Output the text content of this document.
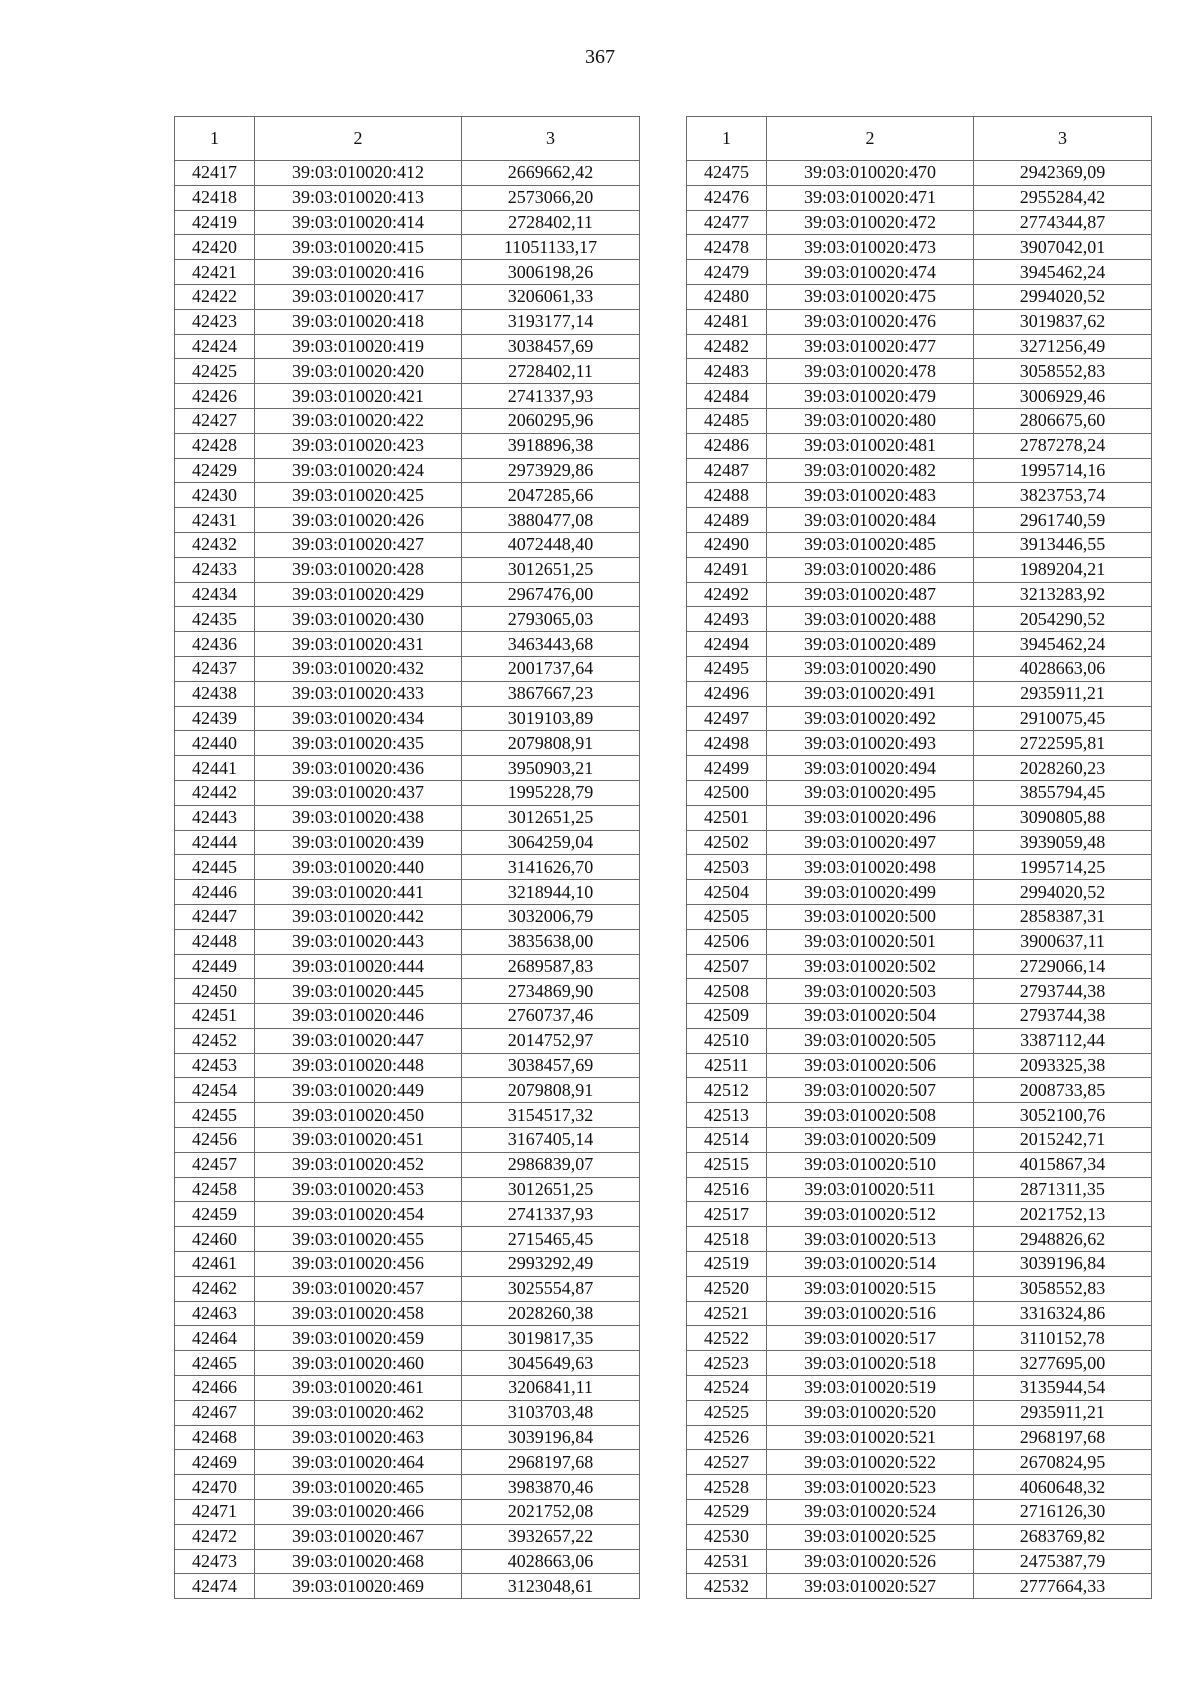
367
1	2	3
42417	39:03:010020:412	2669662,42
42418	39:03:010020:413	2573066,20
42419	39:03:010020:414	2728402,11
42420	39:03:010020:415	11051133,17
42421	39:03:010020:416	3006198,26
42422	39:03:010020:417	3206061,33
42423	39:03:010020:418	3193177,14
42424	39:03:010020:419	3038457,69
42425	39:03:010020:420	2728402,11
42426	39:03:010020:421	2741337,93
42427	39:03:010020:422	2060295,96
42428	39:03:010020:423	3918896,38
42429	39:03:010020:424	2973929,86
42430	39:03:010020:425	2047285,66
42431	39:03:010020:426	3880477,08
42432	39:03:010020:427	4072448,40
42433	39:03:010020:428	3012651,25
42434	39:03:010020:429	2967476,00
42435	39:03:010020:430	2793065,03
42436	39:03:010020:431	3463443,68
42437	39:03:010020:432	2001737,64
42438	39:03:010020:433	3867667,23
42439	39:03:010020:434	3019103,89
42440	39:03:010020:435	2079808,91
42441	39:03:010020:436	3950903,21
42442	39:03:010020:437	1995228,79
42443	39:03:010020:438	3012651,25
42444	39:03:010020:439	3064259,04
42445	39:03:010020:440	3141626,70
42446	39:03:010020:441	3218944,10
42447	39:03:010020:442	3032006,79
42448	39:03:010020:443	3835638,00
42449	39:03:010020:444	2689587,83
42450	39:03:010020:445	2734869,90
42451	39:03:010020:446	2760737,46
42452	39:03:010020:447	2014752,97
42453	39:03:010020:448	3038457,69
42454	39:03:010020:449	2079808,91
42455	39:03:010020:450	3154517,32
42456	39:03:010020:451	3167405,14
42457	39:03:010020:452	2986839,07
42458	39:03:010020:453	3012651,25
42459	39:03:010020:454	2741337,93
42460	39:03:010020:455	2715465,45
42461	39:03:010020:456	2993292,49
42462	39:03:010020:457	3025554,87
42463	39:03:010020:458	2028260,38
42464	39:03:010020:459	3019817,35
42465	39:03:010020:460	3045649,63
42466	39:03:010020:461	3206841,11
42467	39:03:010020:462	3103703,48
42468	39:03:010020:463	3039196,84
42469	39:03:010020:464	2968197,68
42470	39:03:010020:465	3983870,46
42471	39:03:010020:466	2021752,08
42472	39:03:010020:467	3932657,22
42473	39:03:010020:468	4028663,06
42474	39:03:010020:469	3123048,61
1	2	3
42475	39:03:010020:470	2942369,09
42476	39:03:010020:471	2955284,42
42477	39:03:010020:472	2774344,87
42478	39:03:010020:473	3907042,01
42479	39:03:010020:474	3945462,24
42480	39:03:010020:475	2994020,52
42481	39:03:010020:476	3019837,62
42482	39:03:010020:477	3271256,49
42483	39:03:010020:478	3058552,83
42484	39:03:010020:479	3006929,46
42485	39:03:010020:480	2806675,60
42486	39:03:010020:481	2787278,24
42487	39:03:010020:482	1995714,16
42488	39:03:010020:483	3823753,74
42489	39:03:010020:484	2961740,59
42490	39:03:010020:485	3913446,55
42491	39:03:010020:486	1989204,21
42492	39:03:010020:487	3213283,92
42493	39:03:010020:488	2054290,52
42494	39:03:010020:489	3945462,24
42495	39:03:010020:490	4028663,06
42496	39:03:010020:491	2935911,21
42497	39:03:010020:492	2910075,45
42498	39:03:010020:493	2722595,81
42499	39:03:010020:494	2028260,23
42500	39:03:010020:495	3855794,45
42501	39:03:010020:496	3090805,88
42502	39:03:010020:497	3939059,48
42503	39:03:010020:498	1995714,25
42504	39:03:010020:499	2994020,52
42505	39:03:010020:500	2858387,31
42506	39:03:010020:501	3900637,11
42507	39:03:010020:502	2729066,14
42508	39:03:010020:503	2793744,38
42509	39:03:010020:504	2793744,38
42510	39:03:010020:505	3387112,44
42511	39:03:010020:506	2093325,38
42512	39:03:010020:507	2008733,85
42513	39:03:010020:508	3052100,76
42514	39:03:010020:509	2015242,71
42515	39:03:010020:510	4015867,34
42516	39:03:010020:511	2871311,35
42517	39:03:010020:512	2021752,13
42518	39:03:010020:513	2948826,62
42519	39:03:010020:514	3039196,84
42520	39:03:010020:515	3058552,83
42521	39:03:010020:516	3316324,86
42522	39:03:010020:517	3110152,78
42523	39:03:010020:518	3277695,00
42524	39:03:010020:519	3135944,54
42525	39:03:010020:520	2935911,21
42526	39:03:010020:521	2968197,68
42527	39:03:010020:522	2670824,95
42528	39:03:010020:523	4060648,32
42529	39:03:010020:524	2716126,30
42530	39:03:010020:525	2683769,82
42531	39:03:010020:526	2475387,79
42532	39:03:010020:527	2777664,33
